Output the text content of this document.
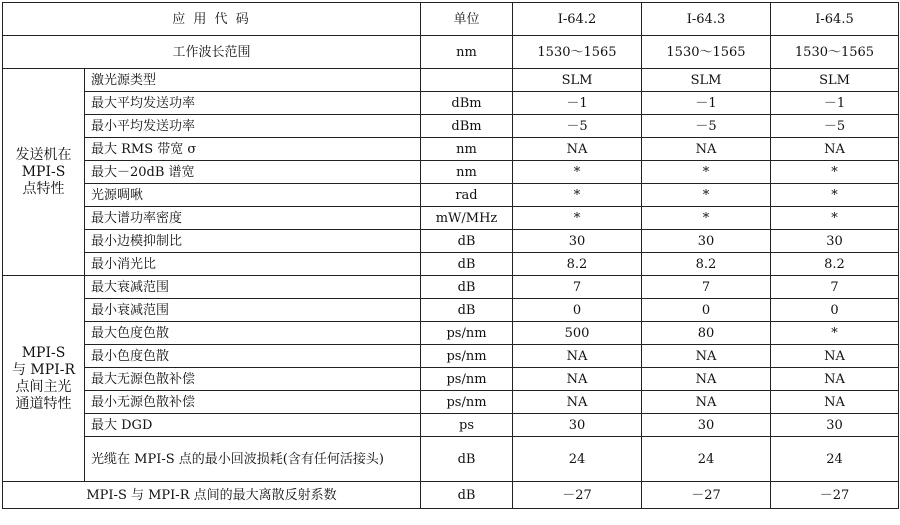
应 用 代 码		单位	I-64.2	I-64.3	I-64.5
工作波长范围		nm	1530～1565	1530～1565	1530～1565

发送机在
MPI-S
点特性	激光源类型		SLM	SLM	SLM
	最大平均发送功率	dBm	－1	－1	－1
	最小平均发送功率	dBm	－5	－5	－5
	最大 RMS 带宽 σ	nm	NA	NA	NA
	最大－20dB 谱宽	nm	*	*	*
	光源啁啾	rad	*	*	*
	最大谱功率密度	mW/MHz	*	*	*
	最小边模抑制比	dB	30	30	30
	最小消光比	dB	8.2	8.2	8.2

MPI-S
与 MPI-R
点间主光
通道特性	最大衰减范围	dB	7	7	7
	最小衰减范围	dB	0	0	0
	最大色度色散	ps/nm	500	80	*
	最小色度色散	ps/nm	NA	NA	NA
	最大无源色散补偿	ps/nm	NA	NA	NA
	最小无源色散补偿	ps/nm	NA	NA	NA
	最大 DGD	ps	30	30	30
	光缆在 MPI-S 点的最小回波损耗(含有任何活接头)	dB	24	24	24
MPI-S 与 MPI-R 点间的最大离散反射系数		dB	－27	－27	－27
